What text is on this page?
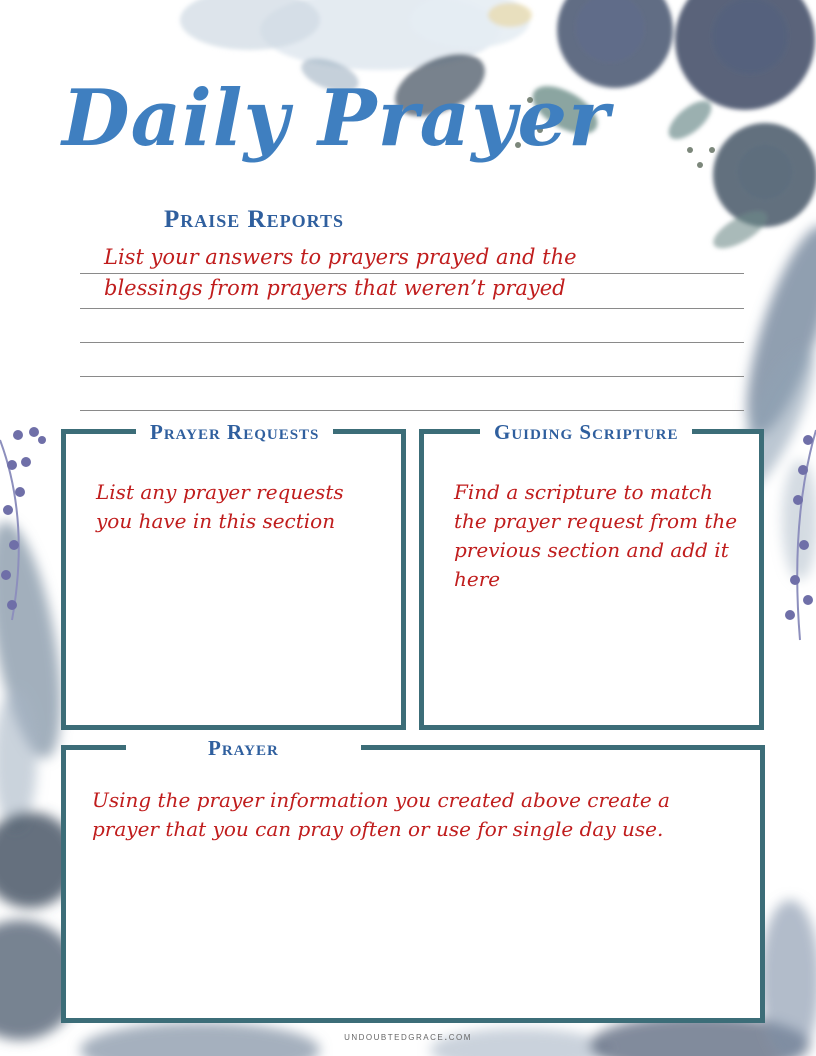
Daily Prayer
Praise Reports

List your answers to prayers prayed and the
blessings from prayers that weren’t prayed

Prayer Requests

List any prayer requests you have in this section

Guiding Scripture

Find a scripture to match the prayer request from the previous section and add it here

Prayer

Using the prayer information you created above create a prayer that you can pray often or use for single day use.

undoubtedgrace.com
